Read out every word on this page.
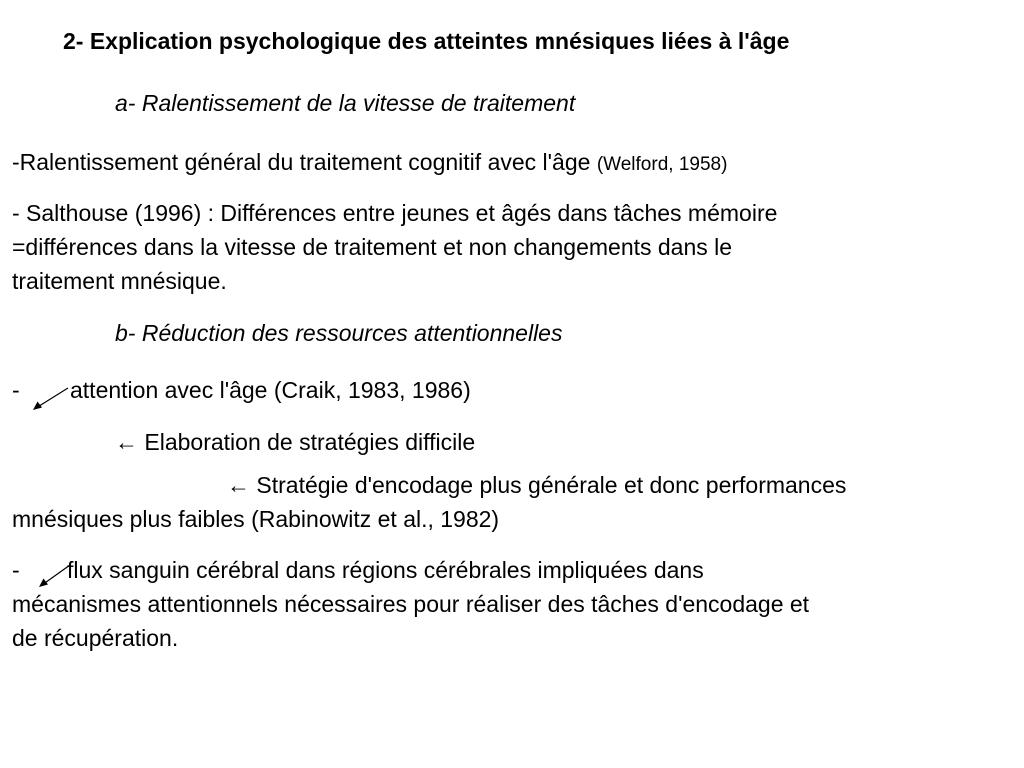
2- Explication psychologique des atteintes mnésiques liées à l'âge
a- Ralentissement de la vitesse de traitement
-Ralentissement général du traitement cognitif avec l'âge (Welford, 1958)
- Salthouse (1996) : Différences entre jeunes et âgés dans tâches mémoire
=différences dans la vitesse de traitement et non changements dans le
traitement mnésique.
b- Réduction des ressources attentionnelles
- attention avec l'âge (Craik, 1983, 1986)
← Elaboration de stratégies difficile
← Stratégie d'encodage plus générale et donc performances
mnésiques plus faibles (Rabinowitz et al., 1982)
- flux sanguin cérébral dans régions cérébrales impliquées dans
mécanismes attentionnels nécessaires pour réaliser des tâches d'encodage et
de récupération.
